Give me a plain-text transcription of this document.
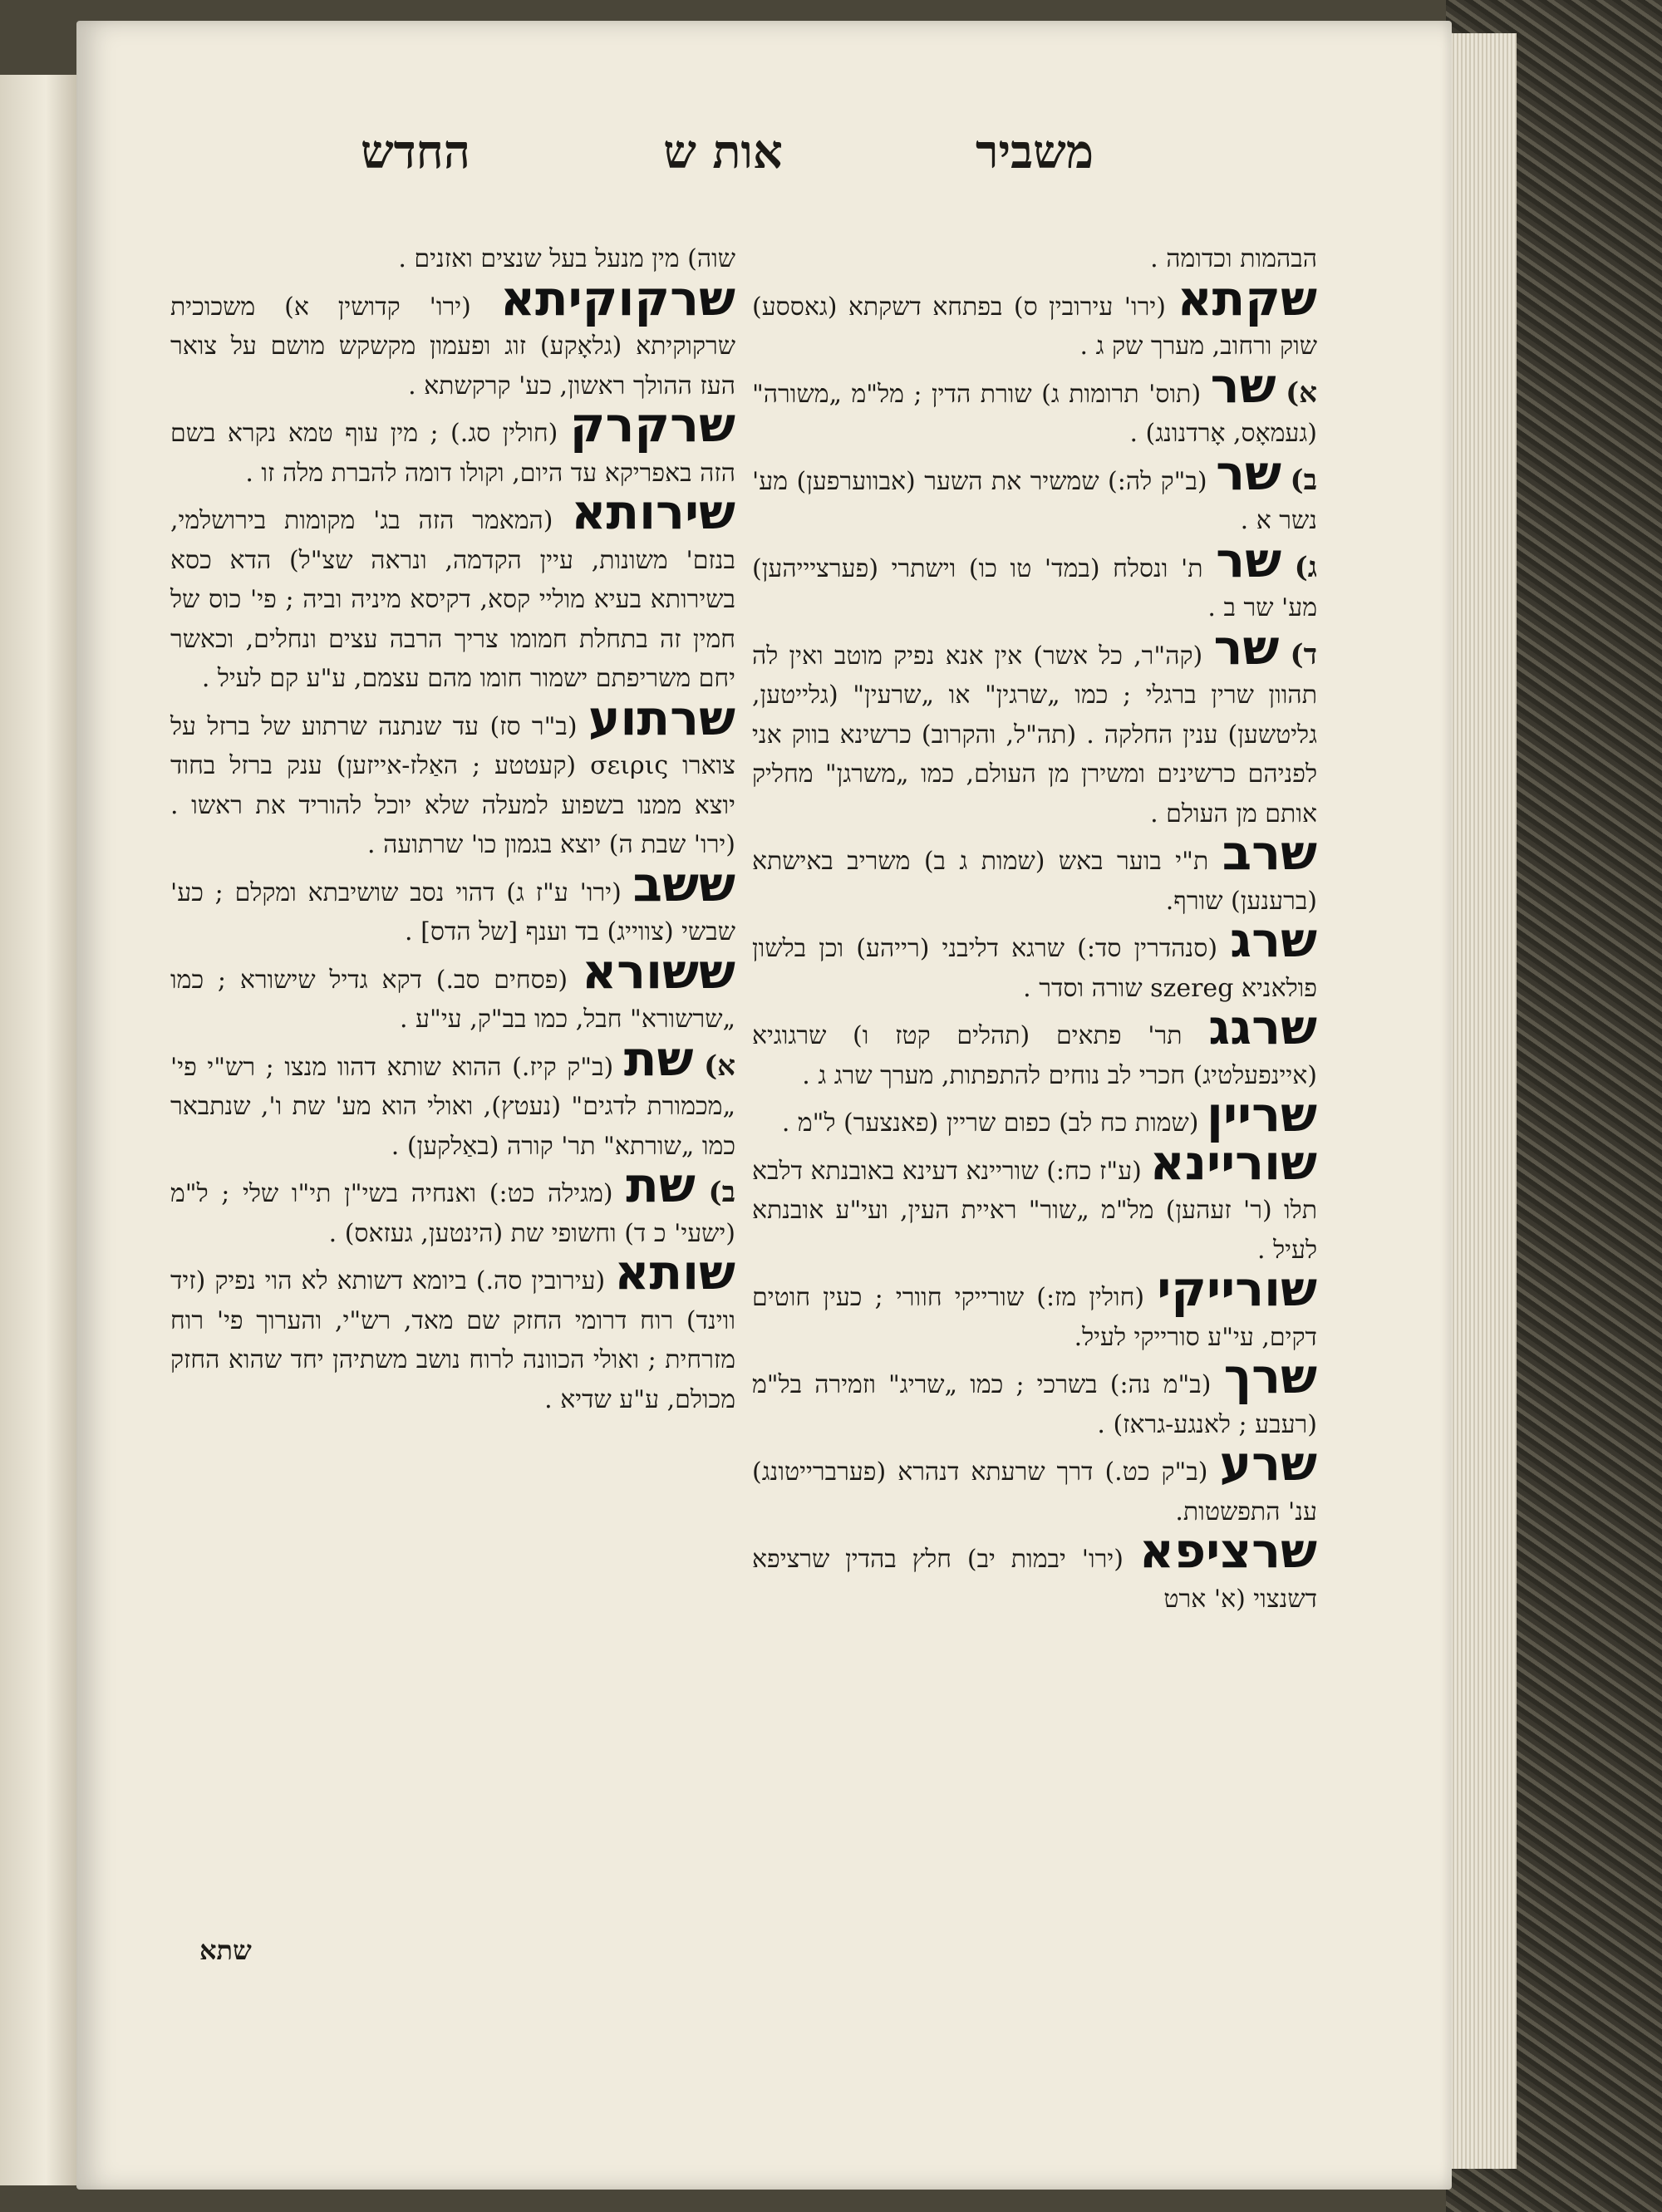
משביר
אות ש
החדש

הבהמות וכדומה .

שקתא (ירו' עירובין ס) בפתחא דשקתא (גאססע) שוק ורחוב, מערך שק ג .

א) שר (תוס' תרומות ג) שורת הדין ; מל"מ „משורה" (געמאָס, אָרדנונג) .

ב) שר (ב"ק לה:) שמשיר את השער (אבווערפען) מע' נשר א .

ג) שר ת' ונסלח (במד' טו כו) וישתרי (פערציייהען) מע' שר ב .

ד) שר (קה"ר, כל אשר) אין אנא נפיק מוטב ואין לה תהוון שרין ברגלי ; כמו „שרגין" או „שרעין" (גלייטען, גליטשען) ענין החלקה . (תה"ל, והקרוב) כרשינא בווק אני לפניהם כרשינים ומשירן מן העולם, כמו „משרגן" מחליק אותם מן העולם .

שרב ת"י בוער באש (שמות ג ב) משריב באישתא (ברענען) שורף.

שרג (סנהדרין סד:) שרגא דליבני (רייהע) וכן בלשון פולאניא szereg שורה וסדר .

שרגג תר' פתאים (תהלים קטז ו) שרגוגיא (איינפעלטיג) חכרי לב נוחים להתפתות, מערך שרג ג .

שריין (שמות כח לב) כפום שריין (פאנצער) ל"מ .

שוריינא (ע"ז כח:) שוריינא דעינא באובנתא דלבא תלו (ר' זעהען) מל"מ „שור" ראיית העין, ועי"ע אובנתא לעיל .

שורייקי (חולין מז:) שורייקי חוורי ; כעין חוטים דקים, עי"ע סורייקי לעיל.

שרך (ב"מ נה:) בשרכי ; כמו „שריג" וזמירה בל"מ (רעבע ; לאנגע-גראז) .

שרע (ב"ק כט.) דרך שרעתא דנהרא (פערברייטונג) ענ' התפשטות.

שרציפא (ירו' יבמות יב) חלץ בהדין שרציפא דשנצוי (א' ארט

שוה) מין מנעל בעל שנצים ואזנים .

שרקוקיתא (ירו' קדושין א) משכוכית שרקוקיתא (גלאָקע) זוג ופעמון מקשקש מושם על צואר העז ההולך ראשון, כע' קרקשתא .

שרקרק (חולין סג.) ; מין עוף טמא נקרא בשם הזה באפריקא עד היום, וקולו דומה להברת מלה זו .

שירותא (המאמר הזה בג' מקומות בירושלמי, בנזם' משונות, עיין הקדמה, ונראה שצ"ל) הדא כסא בשירותא בעיא מוליי קסא, דקיסא מיניה וביה ; פי' כוס של חמין זה בתחלת חמומו צריך הרבה עצים ונחלים, וכאשר יחם משריפתם ישמור חומו מהם עצמם, ע"ע קם לעיל .

שרתוע (ב"ר סז) עד שנתנה שרתוע של ברזל על צוארו σειρις (קעטטע ; האַלז-אייזען) ענק ברזל בחוד יוצא ממנו בשפוע למעלה שלא יוכל להוריד את ראשו . (ירו' שבת ה) יוצא בגמון כו' שרתועה .

ששב (ירו' ע"ז ג) דהוי נסב שושיבתא ומקלם ; כע' שבשי (צווייג) בד וענף [של הדס] .

ששורא (פסחים סב.) דקא גדיל שישורא ; כמו „שרשורא" חבל, כמו בב"ק, עי"ע .

א) שת (ב"ק קיז.) ההוא שותא דהוו מנצו ; רש"י פי' „מכמורת לדגים" (נעטץ), ואולי הוא מע' שת ו', שנתבאר כמו „שורתא" תר' קורה (באַלקען) .

ב) שת (מגילה כט:) ואנחיה בשי"ן תי"ו שלי ; ל"מ (ישעי' כ ד) וחשופי שת (הינטען, געזאס) .

שותא (עירובין סה.) ביומא דשותא לא הוי נפיק (זיד ווינד) רוח דרומי החזק שם מאד, רש"י, והערוך פי' רוח מזרחית ; ואולי הכוונה לרוח נושב משתיהן יחד שהוא החזק מכולם, ע"ע שדיא .

שתא
